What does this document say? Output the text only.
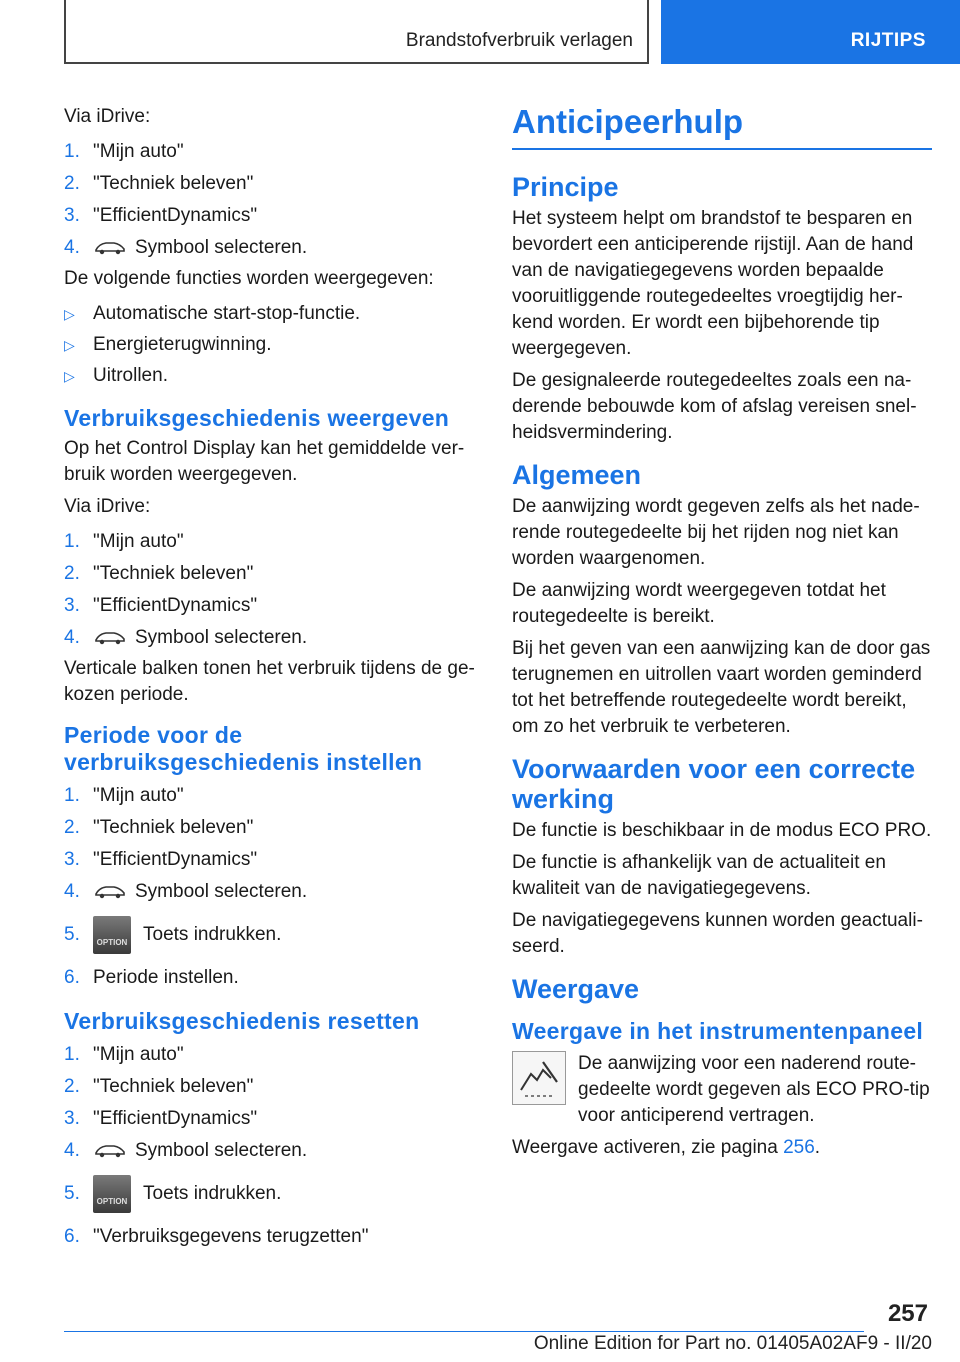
Brandstofverbruik verlagen	RIJTIPS

Via iDrive:

1. "Mijn auto"
2. "Techniek beleven"
3. "EfficientDynamics"
4.	Symbool selecteren.

De volgende functies worden weergegeven:

▷ Automatische start-stop-functie.
▷ Energieterugwinning.
▷ Uitrollen.
Verbruiksgeschiedenis weergeven

Op het Control Display kan het gemiddelde ver‐bruik worden weergegeven.

Via iDrive:

1. "Mijn auto"
2. "Techniek beleven"
3. "EfficientDynamics"
4.	Symbool selecteren.

Verticale balken tonen het verbruik tijdens de ge‐kozen periode.

Periode voor de verbruiksgeschiedenis instellen
1. "Mijn auto"
2. "Techniek beleven"
3. "EfficientDynamics"
4.	Symbool selecteren.
5.	OPTION Toets indrukken.
6. Periode instellen.
Verbruiksgeschiedenis resetten
1. "Mijn auto"
2. "Techniek beleven"
3. "EfficientDynamics"
4.	Symbool selecteren.
5.	OPTION Toets indrukken.
6. "Verbruiksgegevens terugzetten"
Anticipeerhulp
Principe

Het systeem helpt om brandstof te besparen en bevordert een anticiperende rijstijl. Aan de hand van de navigatiegegevens worden bepaalde vooruitliggende routegedeeltes vroegtijdig her‐kend worden. Er wordt een bijbehorende tip weergegeven.

De gesignaleerde routegedeeltes zoals een na‐derende bebouwde kom of afslag vereisen snel‐heidsvermindering.

Algemeen

De aanwijzing wordt gegeven zelfs als het nade‐rende routegedeelte bij het rijden nog niet kan worden waargenomen.

De aanwijzing wordt weergegeven totdat het routegedeelte is bereikt.

Bij het geven van een aanwijzing kan de door gas terugnemen en uitrollen vaart worden geminderd tot het betreffende routegedeelte wordt bereikt, om zo het verbruik te verbeteren.

Voorwaarden voor een correcte werking

De functie is beschikbaar in de modus ECO PRO.

De functie is afhankelijk van de actualiteit en kwaliteit van de navigatiegegevens.

De navigatiegegevens kunnen worden geactuali‐seerd.

Weergave
Weergave in het instrumentenpaneel

De aanwijzing voor een naderend route‐gedeelte wordt gegeven als ECO PRO-tip voor anticiperend vertragen.

Weergave activeren, zie pagina 256.

257
Online Edition for Part no. 01405A02AF9 - II/20
